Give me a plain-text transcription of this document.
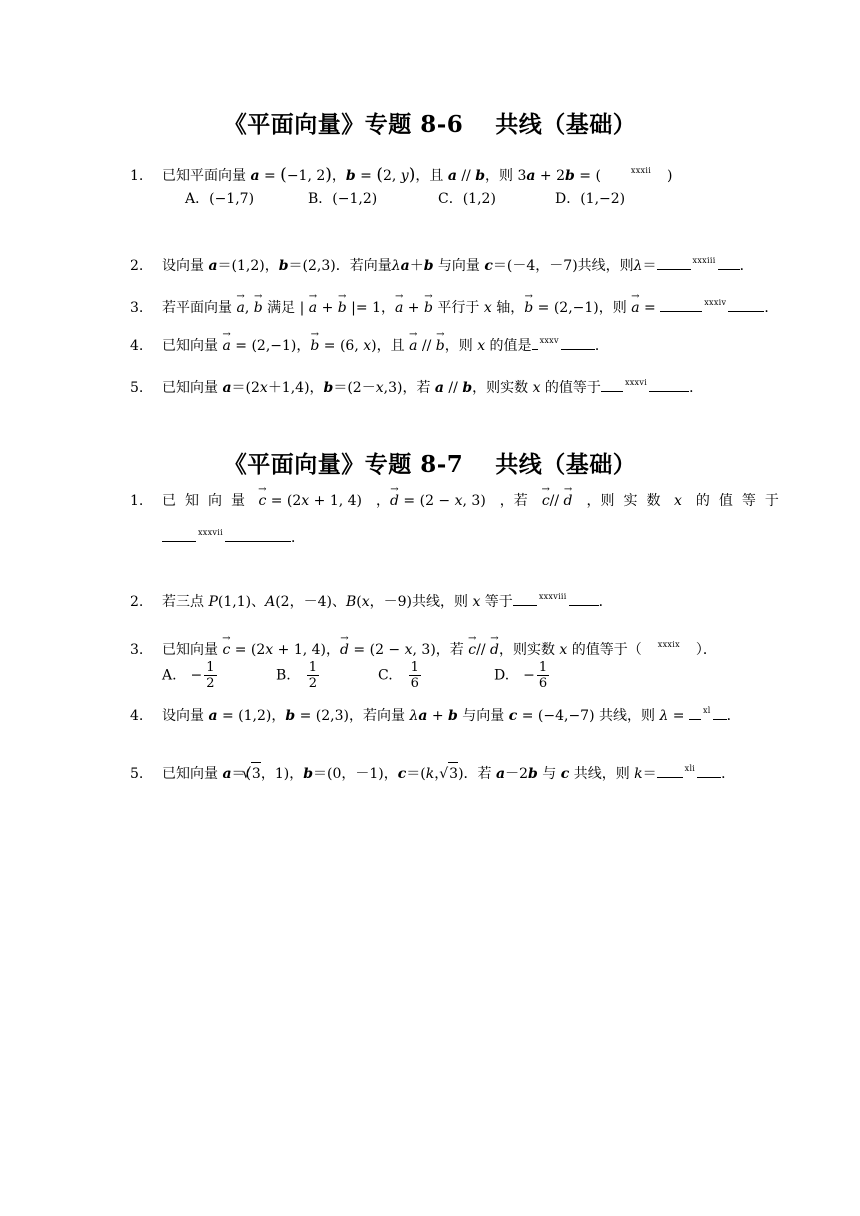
《平面向量》专题 8-6　 共线（基础）
1. 已知平面向量 a = (−1, 2)，b = (2, y)，且 a // b，则 3a + 2b = (　　$^{xxxii}$　)
A．(−1,7)	B．(−1,2)	C．(1,2)	D．(1,−2)
2. 设向量 a＝(1,2)，b＝(2,3)．若向量λa＋b 与向量 c＝(－4，－7)共线，则λ＝	$^{xxxiii}$ ．
3. 若平面向量 → a, → b 满足 | → a + → b |= 1，→ a + → b 平行于 x 轴，→ b = (2,−1)，则 → a =	$^{xxxiv}$	．
4. 已知向量 → a = (2,−1)，→ b = (6, x)，且 → a // → b，则 x 的值是 $^{xxxv}$	．
5. 已知向量 a＝(2x＋1,4)，b＝(2－x,3)，若 a // b，则实数 x 的值等于	$^{xxxvi}$	．
《平面向量》专题 8-7　 共线（基础）
1. 已知向量 → c = (2x + 1, 4)　，→ d = (2 − x, 3)　，若　→ c// → d　，则实数 x　 的值等于
$^{xxxvii}$	．
2. 若三点 P(1,1)、A(2，－4)、B(x，－9)共线，则 x 等于	$^{xxxviii}$ ．
3. 已知向量 → c = (2x + 1, 4)，→ d = (2 − x, 3)，若 → c// → d，则实数 x 的值等于（　$^{xxxix}$　）．
A.　− $\frac{1}{2}$	B.　 $\frac{1}{2}$	C.　 $\frac{1}{6}$	D.　− $\frac{1}{6}$
4. 设向量 a = (1,2)，b = (2,3)，若向量 λa + b 与向量 c = (−4,−7) 共线，则 λ = $^{xl}$ ．
5. 已知向量 a＝(√ 3，1)，b＝(0，－1)，c＝(k，√ 3)．若 a－2b 与 c 共线，则 k＝	$^{xli}$ ．
